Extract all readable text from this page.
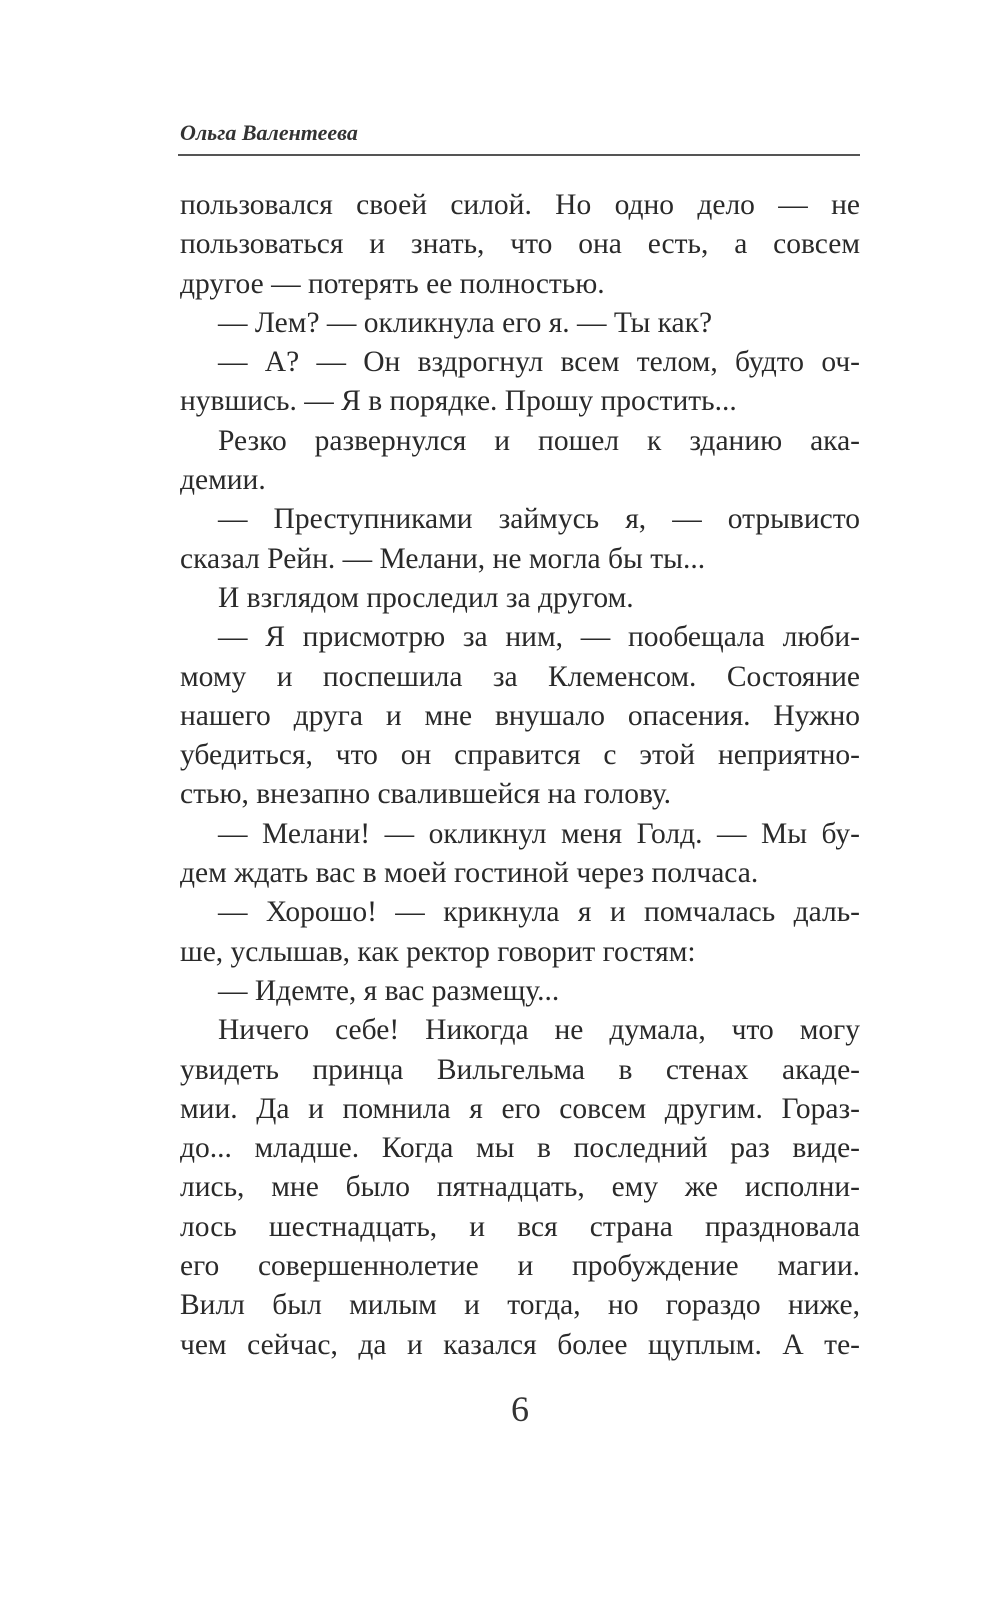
Ольга Валентеева
пользовался своей силой. Но одно дело — не
пользоваться и знать, что она есть, а совсем
другое — потерять ее полностью.
— Лем? — окликнула его я. — Ты как?
— А? — Он вздрогнул всем телом, будто оч-
нувшись. — Я в порядке. Прошу простить...
Резко развернулся и пошел к зданию ака-
демии.
— Преступниками займусь я, — отрывисто
сказал Рейн. — Мелани, не могла бы ты...
И взглядом проследил за другом.
— Я присмотрю за ним, — пообещала люби-
мому и поспешила за Клеменсом. Состояние
нашего друга и мне внушало опасения. Нужно
убедиться, что он справится с этой неприятно-
стью, внезапно свалившейся на голову.
— Мелани! — окликнул меня Голд. — Мы бу-
дем ждать вас в моей гостиной через полчаса.
— Хорошо! — крикнула я и помчалась даль-
ше, услышав, как ректор говорит гостям:
— Идемте, я вас размещу...
Ничего себе! Никогда не думала, что могу
увидеть принца Вильгельма в стенах акаде-
мии. Да и помнила я его совсем другим. Горaз-
до... младше. Когда мы в последний раз виде-
лись, мне было пятнадцать, ему же исполни-
лось шестнадцать, и вся страна праздновала
его совершеннолетие и пробуждение магии.
Вилл был милым и тогда, но гораздо ниже,
чем сейчас, да и казался более щуплым. А те-
6
